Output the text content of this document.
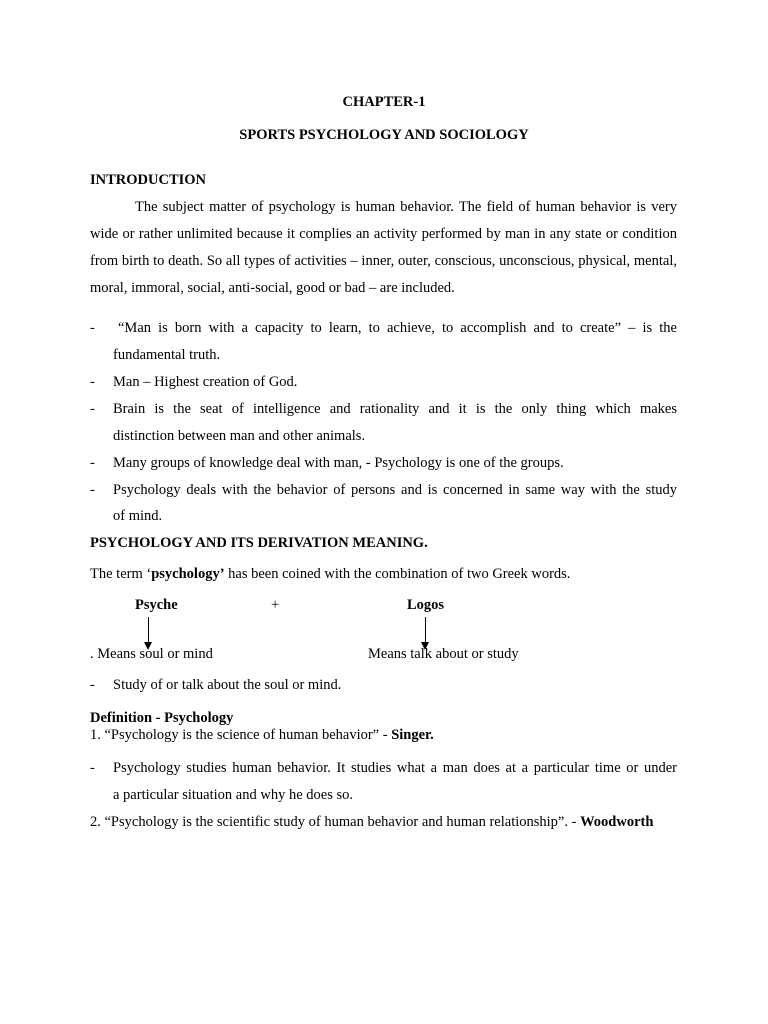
CHAPTER-1
SPORTS PSYCHOLOGY AND SOCIOLOGY
INTRODUCTION
The subject matter of psychology is human behavior. The field of human behavior is very wide or rather unlimited because it complies an activity performed by man in any state or condition from birth to death. So all types of activities – inner, outer, conscious, unconscious, physical, mental, moral, immoral, social, anti-social, good or bad – are included.
-	“Man is born with a capacity to learn, to achieve, to accomplish and to create” – is the
fundamental truth.
- Man – Highest creation of God.
- Brain is the seat of intelligence and rationality and it is the only thing which makes
distinction between man and other animals.
- Many groups of knowledge deal with man, - Psychology is one of the groups.
- Psychology deals with the behavior of persons and is concerned in same way with the study
of mind.
PSYCHOLOGY AND ITS DERIVATION MEANING.
The term ‘psychology’ has been coined with the combination of two Greek words.
Psyche	+	Logos
. Means soul or mind	Means talk about or study
- Study of or talk about the soul or mind.
Definition - Psychology
1. “Psychology is the science of human behavior” - Singer.
- Psychology studies human behavior. It studies what a man does at a particular time or under
a particular situation and why he does so.
2. “Psychology is the scientific study of human behavior and human relationship”. - Woodworth
